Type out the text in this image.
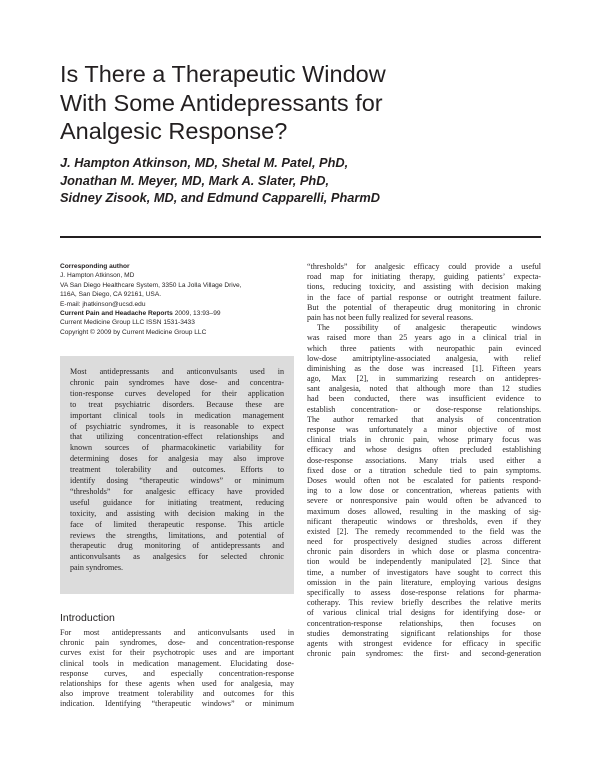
Is There a Therapeutic Window
With Some Antidepressants for
Analgesic Response?
J. Hampton Atkinson, MD, Shetal M. Patel, PhD,
Jonathan M. Meyer, MD, Mark A. Slater, PhD,
Sidney Zisook, MD, and Edmund Capparelli, PharmD
Corresponding author
J. Hampton Atkinson, MD
VA San Diego Healthcare System, 3350 La Jolla Village Drive,
116A, San Diego, CA 92161, USA.
E-mail: jhatkinson@ucsd.edu
Current Pain and Headache Reports 2009, 13:93–99
Current Medicine Group LLC ISSN 1531-3433
Copyright © 2009 by Current Medicine Group LLC
Most antidepressants and anticonvulsants used in
chronic pain syndromes have dose- and concentra-
tion-response curves developed for their application
to treat psychiatric disorders. Because these are
important clinical tools in medication management
of psychiatric syndromes, it is reasonable to expect
that utilizing concentration-effect relationships and
known sources of pharmacokinetic variability for
determining doses for analgesia may also improve
treatment tolerability and outcomes. Efforts to
identify dosing “therapeutic windows” or minimum
“thresholds” for analgesic efficacy have provided
useful guidance for initiating treatment, reducing
toxicity, and assisting with decision making in the
face of limited therapeutic response. This article
reviews the strengths, limitations, and potential of
therapeutic drug monitoring of antidepressants and
anticonvulsants as analgesics for selected chronic
pain syndromes.
Introduction
For most antidepressants and anticonvulsants used in
chronic pain syndromes, dose- and concentration-response
curves exist for their psychotropic uses and are important
clinical tools in medication management. Elucidating dose-
response curves, and especially concentration-response
relationships for these agents when used for analgesia, may
also improve treatment tolerability and outcomes for this
indication. Identifying “therapeutic windows” or minimum
“thresholds” for analgesic efficacy could provide a useful
road map for initiating therapy, guiding patients’ expecta-
tions, reducing toxicity, and assisting with decision making
in the face of partial response or outright treatment failure.
But the potential of therapeutic drug monitoring in chronic
pain has not been fully realized for several reasons.
The possibility of analgesic therapeutic windows
was raised more than 25 years ago in a clinical trial in
which three patients with neuropathic pain evinced
low-dose amitriptyline-associated analgesia, with relief
diminishing as the dose was increased [1]. Fifteen years
ago, Max [2], in summarizing research on antidepres-
sant analgesia, noted that although more than 12 studies
had been conducted, there was insufficient evidence to
establish concentration- or dose-response relationships.
The author remarked that analysis of concentration
response was unfortunately a minor objective of most
clinical trials in chronic pain, whose primary focus was
efficacy and whose designs often precluded establishing
dose-response associations. Many trials used either a
fixed dose or a titration schedule tied to pain symptoms.
Doses would often not be escalated for patients respond-
ing to a low dose or concentration, whereas patients with
severe or nonresponsive pain would often be advanced to
maximum doses allowed, resulting in the masking of sig-
nificant therapeutic windows or thresholds, even if they
existed [2]. The remedy recommended to the field was the
need for prospectively designed studies across different
chronic pain disorders in which dose or plasma concentra-
tion would be independently manipulated [2]. Since that
time, a number of investigators have sought to correct this
omission in the pain literature, employing various designs
specifically to assess dose-response relations for pharma-
cotherapy. This review briefly describes the relative merits
of various clinical trial designs for identifying dose- or
concentration-response relationships, then focuses on
studies demonstrating significant relationships for those
agents with strongest evidence for efficacy in specific
chronic pain syndromes: the first- and second-generation
